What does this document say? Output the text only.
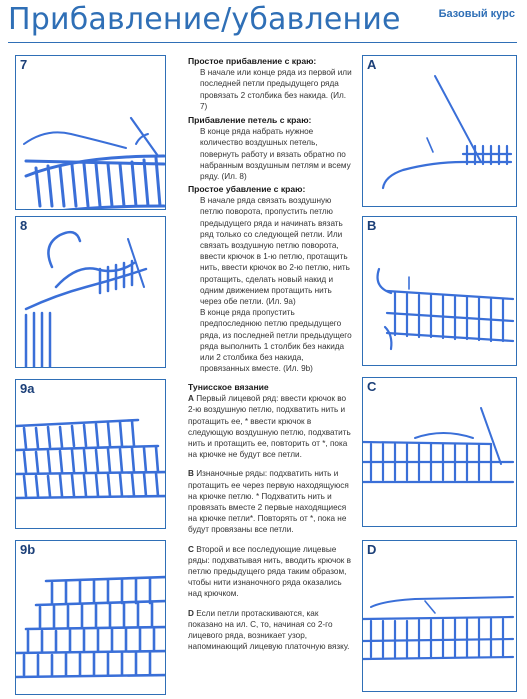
Прибавление/убавление	Базовый курс
7
8
9a
9b
Простое прибавление с краю:

В начале или конце ряда из первой или последней петли предыдущего ряда провязать 2 столбика без накида. (Ил. 7)

Прибавление петель с краю:

В конце ряда набрать нужное количество воздушных петель, повернуть работу и вязать обратно по набранным воздушным петлям и всему ряду. (Ил. 8)

Простое убавление с краю:

В начале ряда связать воздушную петлю поворота, пропустить петлю предыдущего ряда и начинать вязать ряд только со следующей петли. Или связать воздушную петлю поворота, ввести крючок в 1-ю петлю, протащить нить, ввести крючок во 2-ю петлю, нить протащить, сделать новый накид и одним движением протащить нить через обе петли. (Ил. 9a)

В конце ряда пропустить предпоследнюю петлю предыдущего ряда, из последней петли предыдущего ряда выполнить 1 столбик без накида или 2 столбика без накида, провязанных вместе. (Ил. 9b)

Тунисское вязание
A Первый лицевой ряд: ввести крючок во 2-ю воздушную петлю, подхватить нить и протащить ее, * ввести крючок в следующую воздушную петлю, подхватить нить и протащить ее, повторить от *, пока на крючке не будут все петли.
B Изнаночные ряды: подхватить нить и протащить ее через первую находящуюся на крючке петлю. * Подхватить нить и провязать вместе 2 первые находящиеся на крючке петли*. Повторять от *, пока не будут провязаны все петли.
C Второй и все последующие лицевые ряды: подхватывая нить, вводить крючок в петлю предыдущего ряда таким образом, чтобы нити изнаночного ряда оказались над крючком.
D Если петли протаскиваются, как показано на ил. C, то, начиная со 2-го лицевого ряда, возникает узор, напоминающий лицевую платочную вязку.
A
B
C
D
